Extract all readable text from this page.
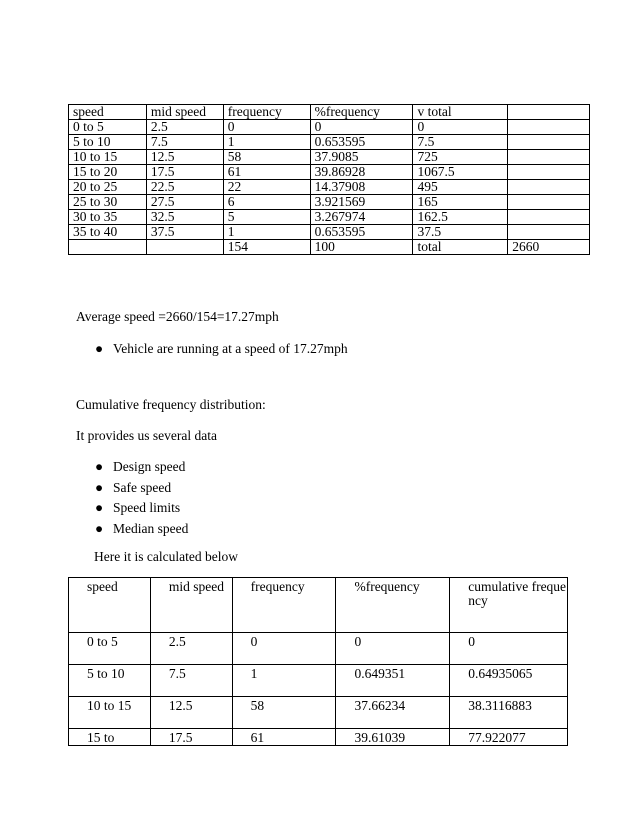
speed	mid speed	frequency	%frequency	v total	
0 to 5	2.5	0	0	0	
5 to 10	7.5	1	0.653595	7.5	
10 to 15	12.5	58	37.9085	725	
15 to 20	17.5	61	39.86928	1067.5	
20 to 25	22.5	22	14.37908	495	
25 to 30	27.5	6	3.921569	165	
30 to 35	32.5	5	3.267974	162.5	
35 to 40	37.5	1	0.653595	37.5	
		154	100	total	2660

Average speed =2660/154=17.27mph

● Vehicle are running at a speed of 17.27mph

Cumulative frequency distribution:

It provides us several data

● Design speed
● Safe speed
● Speed limits
● Median speed

Here it is calculated below

speed	mid speed	frequency	%frequency	cumulative frequency
0 to 5	2.5	0	0	0
5 to 10	7.5	1	0.649351	0.64935065
10 to 15	12.5	58	37.66234	38.3116883
15 to	17.5	61	39.61039	77.922077
